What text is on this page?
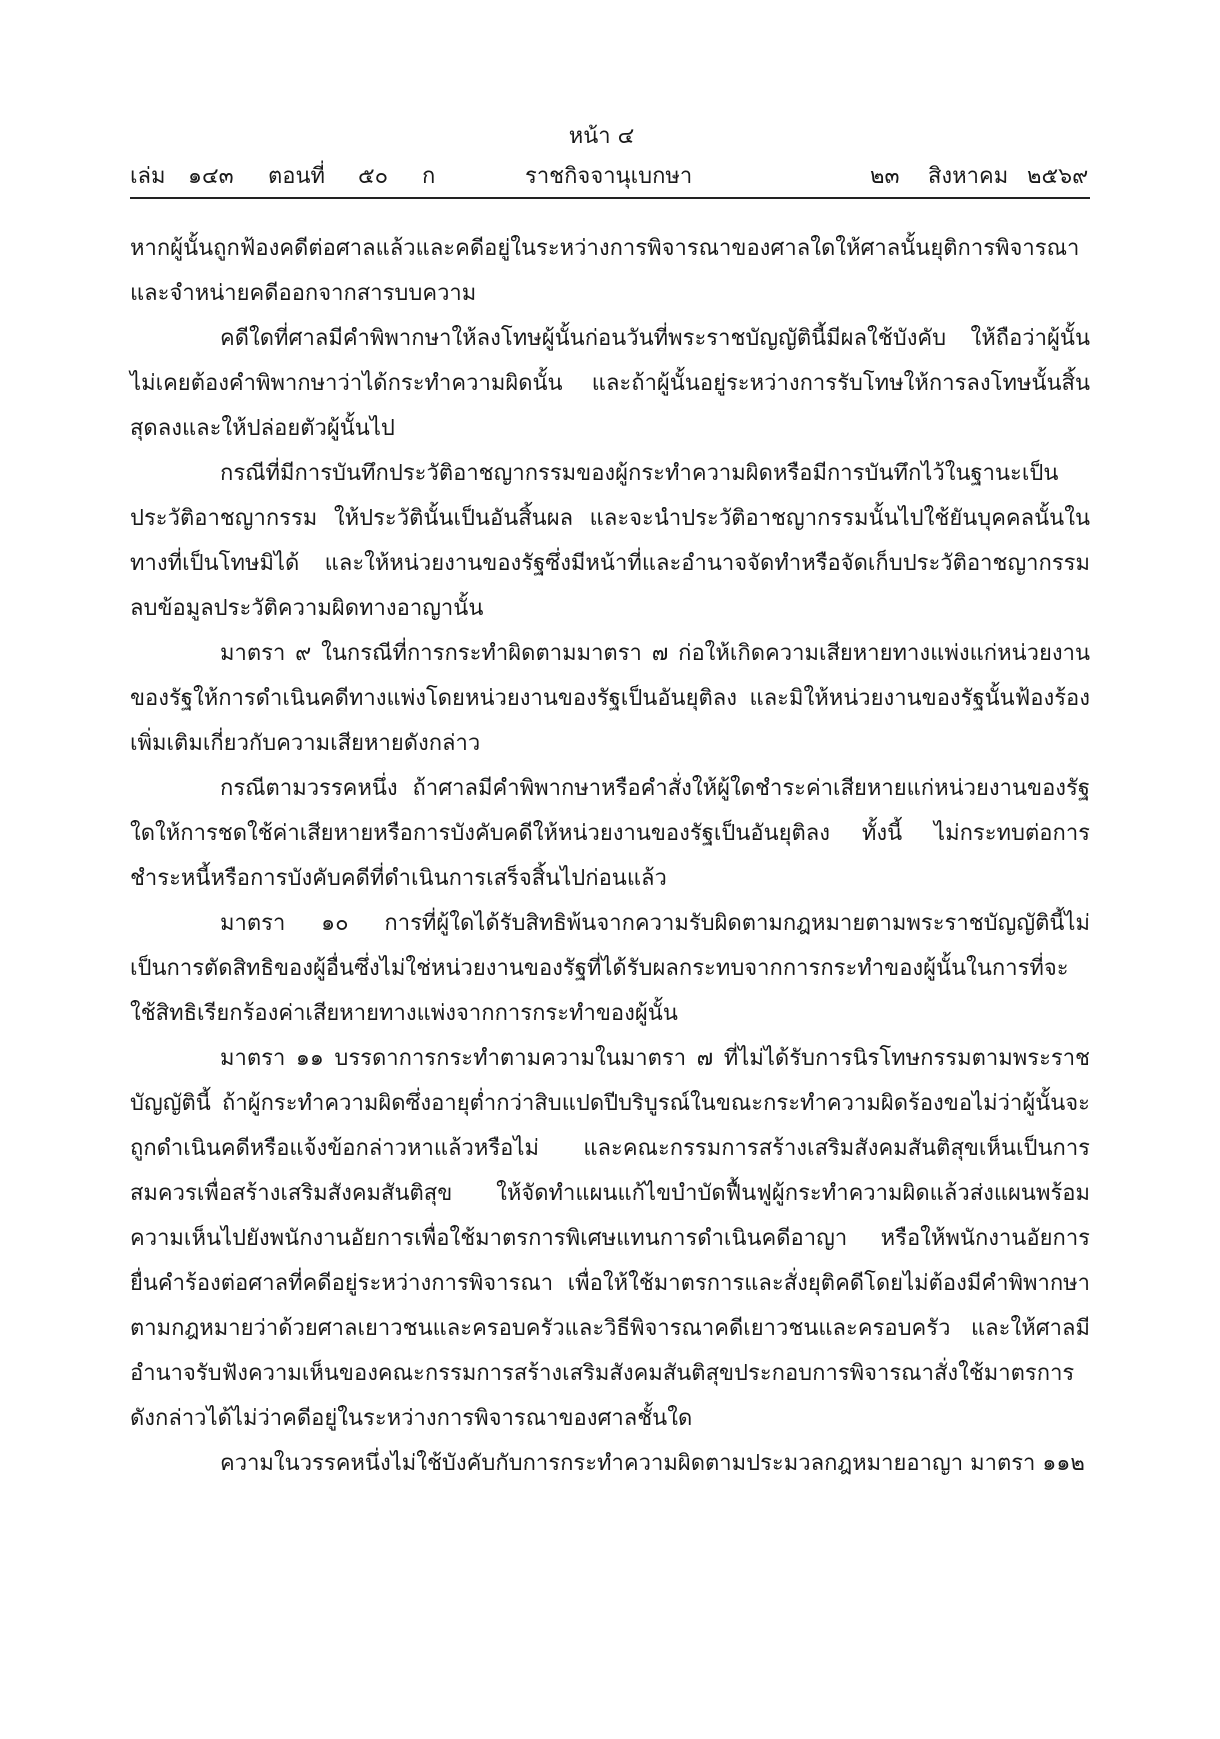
หน้า ๔
เล่ม ๑๔๓ ตอนที่ ๕๐ ก	ราชกิจจานุเบกษา	๒๓ สิงหาคม ๒๕๖๙

หากผู้นั้นถูกฟ้องคดีต่อศาลแล้วและคดีอยู่ในระหว่างการพิจารณาของศาลใดให้ศาลนั้นยุติการพิจารณาและจำหน่ายคดีออกจากสารบบความ

คดีใดที่ศาลมีคำพิพากษาให้ลงโทษผู้นั้นก่อนวันที่พระราชบัญญัตินี้มีผลใช้บังคับ ให้ถือว่าผู้นั้นไม่เคยต้องคำพิพากษาว่าได้กระทำความผิดนั้น และถ้าผู้นั้นอยู่ระหว่างการรับโทษให้การลงโทษนั้นสิ้นสุดลงและให้ปล่อยตัวผู้นั้นไป

กรณีที่มีการบันทึกประวัติอาชญากรรมของผู้กระทำความผิดหรือมีการบันทึกไว้ในฐานะเป็นประวัติอาชญากรรม ให้ประวัตินั้นเป็นอันสิ้นผล และจะนำประวัติอาชญากรรมนั้นไปใช้ยันบุคคลนั้นในทางที่เป็นโทษมิได้ และให้หน่วยงานของรัฐซึ่งมีหน้าที่และอำนาจจัดทำหรือจัดเก็บประวัติอาชญากรรมลบข้อมูลประวัติความผิดทางอาญานั้น

มาตรา ๙ ในกรณีที่การกระทำผิดตามมาตรา ๗ ก่อให้เกิดความเสียหายทางแพ่งแก่หน่วยงานของรัฐให้การดำเนินคดีทางแพ่งโดยหน่วยงานของรัฐเป็นอันยุติลง และมิให้หน่วยงานของรัฐนั้นฟ้องร้องเพิ่มเติมเกี่ยวกับความเสียหายดังกล่าว

กรณีตามวรรคหนึ่ง ถ้าศาลมีคำพิพากษาหรือคำสั่งให้ผู้ใดชำระค่าเสียหายแก่หน่วยงานของรัฐใดให้การชดใช้ค่าเสียหายหรือการบังคับคดีให้หน่วยงานของรัฐเป็นอันยุติลง ทั้งนี้ ไม่กระทบต่อการชำระหนี้หรือการบังคับคดีที่ดำเนินการเสร็จสิ้นไปก่อนแล้ว

มาตรา ๑๐ การที่ผู้ใดได้รับสิทธิพ้นจากความรับผิดตามกฎหมายตามพระราชบัญญัตินี้ไม่เป็นการตัดสิทธิของผู้อื่นซึ่งไม่ใช่หน่วยงานของรัฐที่ได้รับผลกระทบจากการกระทำของผู้นั้นในการที่จะใช้สิทธิเรียกร้องค่าเสียหายทางแพ่งจากการกระทำของผู้นั้น

มาตรา ๑๑ บรรดาการกระทำตามความในมาตรา ๗ ที่ไม่ได้รับการนิรโทษกรรมตามพระราชบัญญัตินี้ ถ้าผู้กระทำความผิดซึ่งอายุต่ำกว่าสิบแปดปีบริบูรณ์ในขณะกระทำความผิดร้องขอไม่ว่าผู้นั้นจะถูกดำเนินคดีหรือแจ้งข้อกล่าวหาแล้วหรือไม่ และคณะกรรมการสร้างเสริมสังคมสันติสุขเห็นเป็นการสมควรเพื่อสร้างเสริมสังคมสันติสุข ให้จัดทำแผนแก้ไขบำบัดฟื้นฟูผู้กระทำความผิดแล้วส่งแผนพร้อมความเห็นไปยังพนักงานอัยการเพื่อใช้มาตรการพิเศษแทนการดำเนินคดีอาญา หรือให้พนักงานอัยการยื่นคำร้องต่อศาลที่คดีอยู่ระหว่างการพิจารณา เพื่อให้ใช้มาตรการและสั่งยุติคดีโดยไม่ต้องมีคำพิพากษาตามกฎหมายว่าด้วยศาลเยาวชนและครอบครัวและวิธีพิจารณาคดีเยาวชนและครอบครัว และให้ศาลมีอำนาจรับฟังความเห็นของคณะกรรมการสร้างเสริมสังคมสันติสุขประกอบการพิจารณาสั่งใช้มาตรการดังกล่าวได้ไม่ว่าคดีอยู่ในระหว่างการพิจารณาของศาลชั้นใด

ความในวรรคหนึ่งไม่ใช้บังคับกับการกระทำความผิดตามประมวลกฎหมายอาญา มาตรา ๑๑๒
